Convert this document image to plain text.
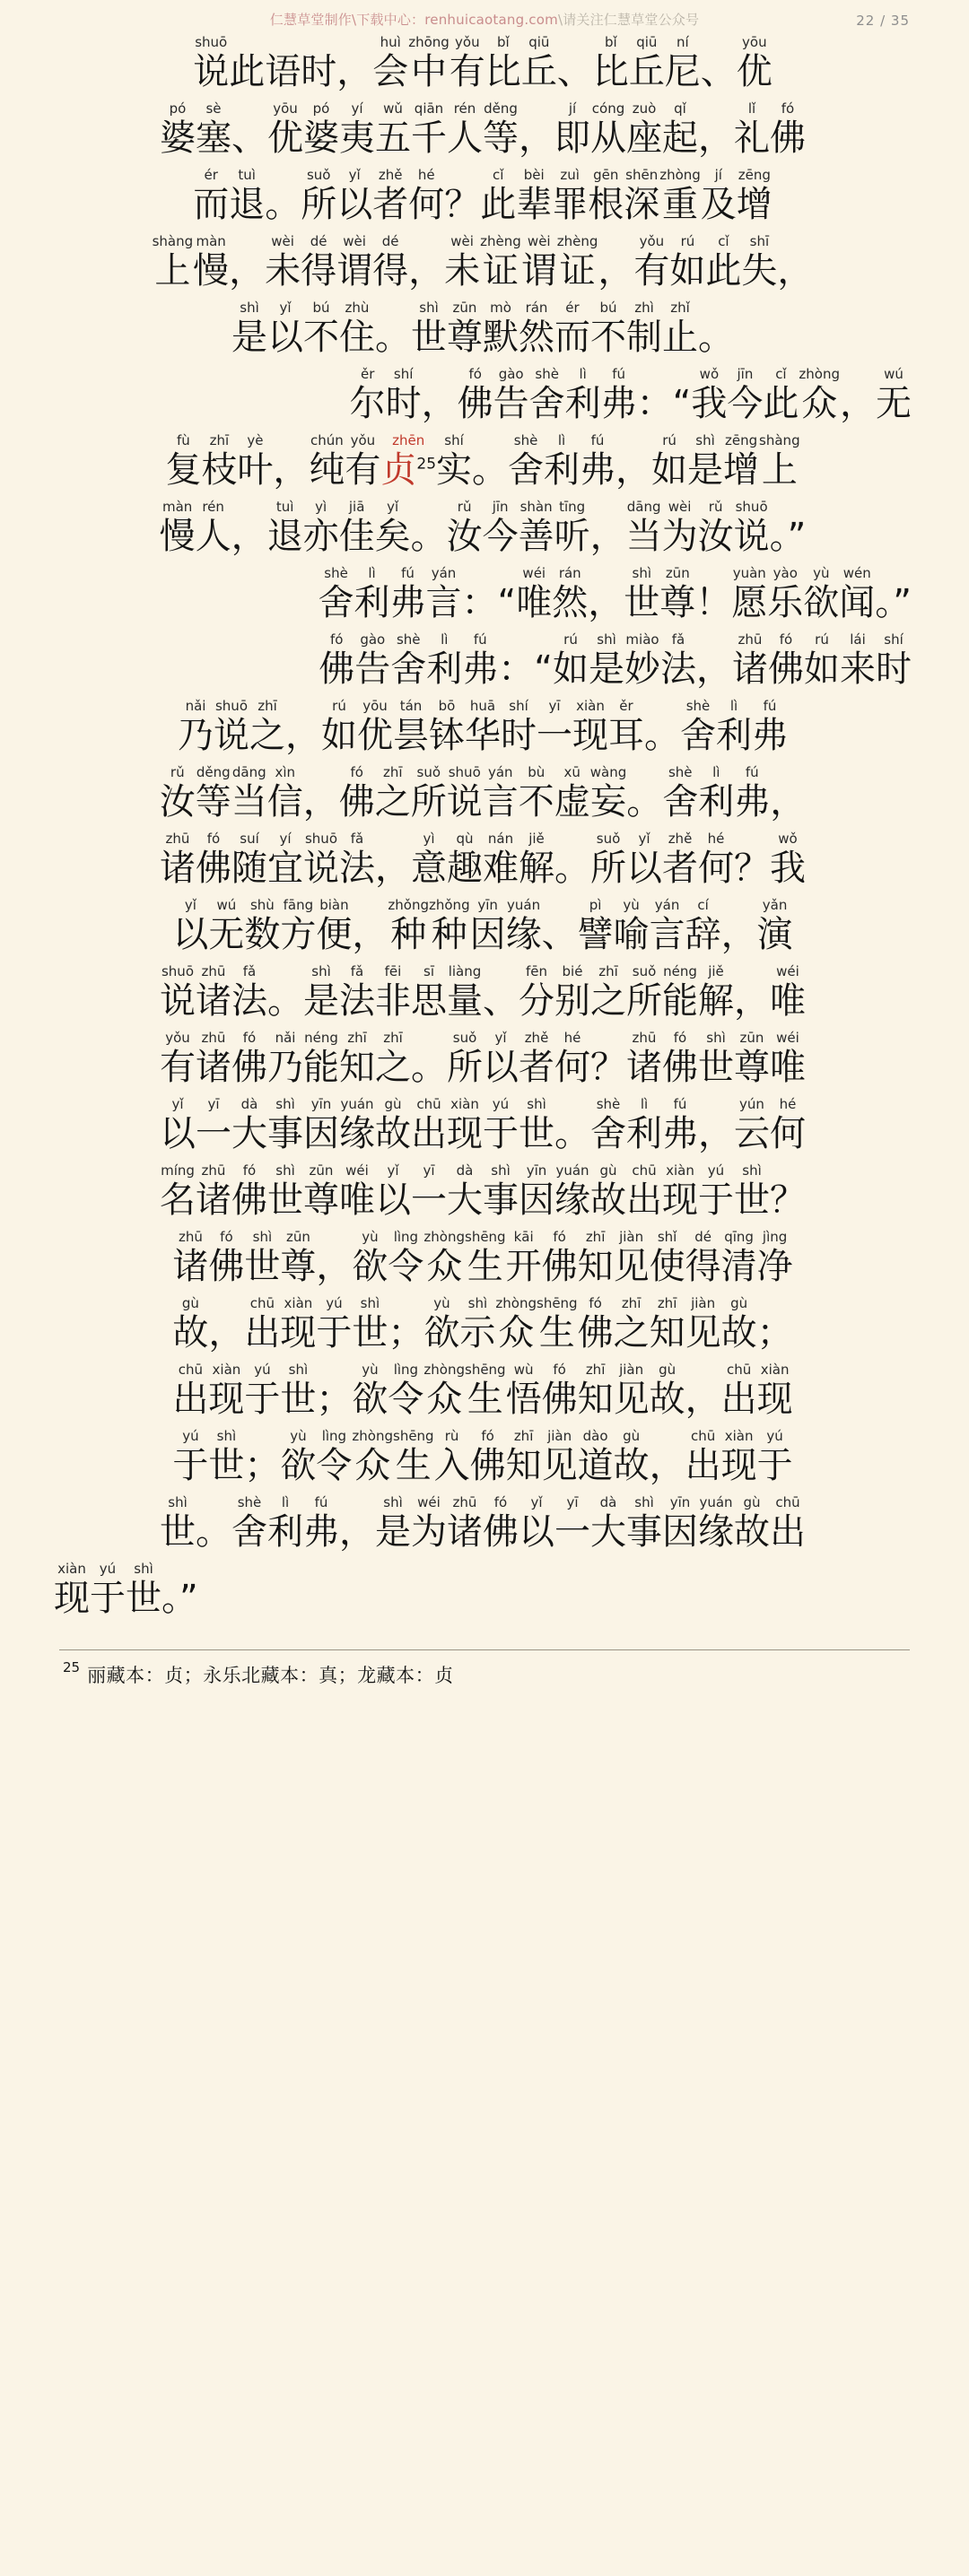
仁慧草堂制作\下载中心：renhuicaotang.com\请关注仁慧草堂公众号	22 / 35
shuō
说 此语时，
huì
会
zhōng
中
yǒu
有
bǐ
比
qiū
丘 、
bǐ
比
qiū
丘
ní
尼 、
yōu
优
pó
婆
sè
塞 、
yōu
优
pó
婆
yí
夷
wǔ
五
qiān
千
rén
人
děng
等 ，
jí
即
cóng
从
zuò
座
qǐ
起 ，
lǐ
礼
fó
佛
ér
而
tuì
退 。
suǒ
所
yǐ
以
zhě
者
hé
何 ？
cǐ
此
bèi
辈
zuì
罪
gēn
根
shēn
深
zhòng
重
jí
及
zēng
增
shàng
上
màn
慢 ，
wèi
未
dé
得
wèi
谓
dé
得 ，
wèi
未
zhèng
证
wèi
谓
zhèng
证 ，
yǒu
有
rú
如
cǐ
此
shī
失 ，
shì
是
yǐ
以
bú
不
zhù
住 。
shì
世
zūn
尊
mò
默
rán
然
ér
而
bú
不
zhì
制
zhǐ
止 。
ěr
尔
shí
时 ，
fó
佛
gào
告
shè
舍
lì
利
fú
弗 ：“
wǒ
我
jīn
今
cǐ
此
zhòng
众 ，
wú
无
fù
复
zhī
枝
yè
叶 ，
chún
纯
yǒu
有
zhēn
贞$^{25}$
shí
实 。
shè
舍
lì
利
fú
弗 ，
rú
如
shì
是
zēng
增
shàng
上
màn
慢
rén
人 ，
tuì
退
yì
亦
jiā
佳
yǐ
矣 。
rǔ
汝
jīn
今
shàn
善
tīng
听 ，
dāng
当
wèi
为
rǔ
汝
shuō
说 。”
shè
舍
lì
利
fú
弗
yán
言 ：“
wéi
唯
rán
然 ，
shì
世
zūn
尊 ！
yuàn
愿
yào
乐
yù
欲
wén
闻 。”
fó
佛
gào
告
shè
舍
lì
利
fú
弗 ：“
rú
如
shì
是
miào
妙
fǎ
法 ，
zhū
诸
fó
佛
rú
如
lái
来
shí
时
nǎi
乃
shuō
说
zhī
之 ，
rú
如
yōu
优
tán
昙
bō
钵
huā
华
shí
时
yī
一
xiàn
现
ěr
耳 。
shè
舍
lì
利
fú
弗
rǔ
汝
děng
等
dāng
当
xìn
信 ，
fó
佛
zhī
之
suǒ
所
shuō
说
yán
言
bù
不
xū
虚
wàng
妄 。
shè
舍
lì
利
fú
弗 ，
zhū
诸
fó
佛
suí
随
yí
宜
shuō
说
fǎ
法 ，
yì
意
qù
趣
nán
难
jiě
解 。
suǒ
所
yǐ
以
zhě
者
hé
何 ？
wǒ
我
yǐ
以
wú
无
shù
数
fāng
方
biàn
便 ，
zhǒng
种
zhǒng
种
yīn
因
yuán
缘 、
pì
譬
yù
喻
yán
言
cí
辞 ，
yǎn
演
shuō
说
zhū
诸
fǎ
法 。
shì
是
fǎ
法
fēi
非
sī
思
liàng
量 、
fēn
分
bié
别
zhī
之
suǒ
所
néng
能
jiě
解 ，
wéi
唯
yǒu
有
zhū
诸
fó
佛
nǎi
乃
néng
能
zhī
知
zhī
之 。
suǒ
所
yǐ
以
zhě
者
hé
何 ？
zhū
诸
fó
佛
shì
世
zūn
尊
wéi
唯
yǐ
以
yī
一
dà
大
shì
事
yīn
因
yuán
缘
gù
故
chū
出
xiàn
现
yú
于
shì
世 。
shè
舍
lì
利
fú
弗 ，
yún
云
hé
何
míng
名
zhū
诸
fó
佛
shì
世
zūn
尊
wéi
唯
yǐ
以
yī
一
dà
大
shì
事
yīn
因
yuán
缘
gù
故
chū
出
xiàn
现
yú
于
shì
世 ？
zhū
诸
fó
佛
shì
世
zūn
尊 ，
yù
欲
lìng
令
zhòng
众
shēng
生
kāi
开
fó
佛
zhī
知
jiàn
见
shǐ
使
dé
得
qīng
清
jìng
净
gù
故 ，
chū
出
xiàn
现
yú
于
shì
世 ；
yù
欲
shì
示
zhòng
众
shēng
生
fó
佛
zhī
之
zhī
知
jiàn
见
gù
故 ；
chū
出
xiàn
现
yú
于
shì
世 ；
yù
欲
lìng
令
zhòng
众
shēng
生
wù
悟
fó
佛
zhī
知
jiàn
见
gù
故 ，
chū
出
xiàn
现
yú
于
shì
世 ；
yù
欲
lìng
令
zhòng
众
shēng
生
rù
入
fó
佛
zhī
知
jiàn
见
dào
道
gù
故 ，
chū
出
xiàn
现
yú
于
shì
世 。
shè
舍
lì
利
fú
弗 ，
shì
是
wéi
为
zhū
诸
fó
佛
yǐ
以
yī
一
dà
大
shì
事
yīn
因
yuán
缘
gù
故
chū
出
xiàn
现
yú
于
shì
世 。”
25 丽藏本：贞；永乐北藏本：真；龙藏本：贞
